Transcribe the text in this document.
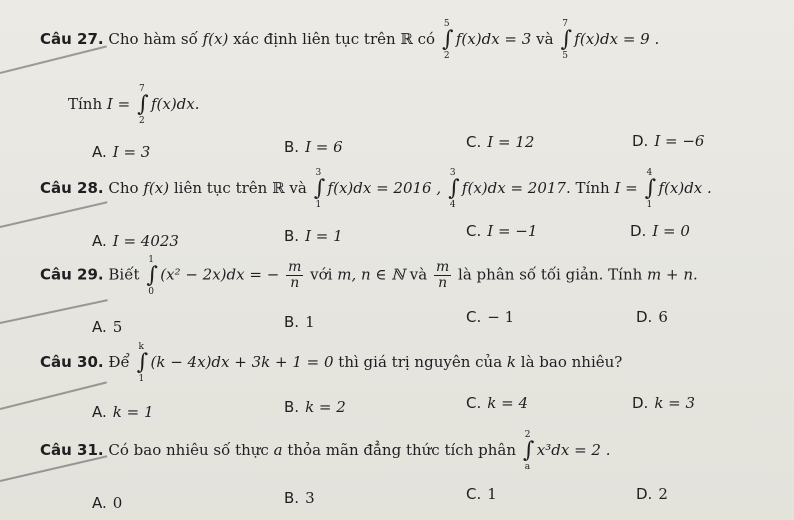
Câu 27. Cho hàm số f(x) xác định liên tục trên ℝ có
5
∫
2
f(x)dx = 3 và
7
∫
5
f(x)dx = 9 .
Tính I =
7
∫
2
f(x)dx.
A. I = 3	B. I = 6	C. I = 12	D. I = −6
Câu 28. Cho f(x) liên tục trên ℝ và
3
∫
1
f(x)dx = 2016 ,
3
∫
4
f(x)dx = 2017. Tính I =
4
∫
1
f(x)dx .
A. I = 4023	B. I = 1	C. I = −1	D. I = 0
Câu 29. Biết
1
∫
0
(x² − 2x)dx = − $\frac{m}{n}$ với m, n ∈ ℕ và $\frac{m}{n}$ là phân số tối giản. Tính m + n.
A. 5	B. 1	C. − 1	D. 6
Câu 30. Để
k
∫
1
(k − 4x)dx + 3k + 1 = 0 thì giá trị nguyên của k là bao nhiêu?
A. k = 1	B. k = 2	C. k = 4	D. k = 3
Câu 31. Có bao nhiêu số thực a thỏa mãn đẳng thức tích phân
2
∫
a
x³dx = 2 .
A. 0	B. 3	C. 1	D. 2
